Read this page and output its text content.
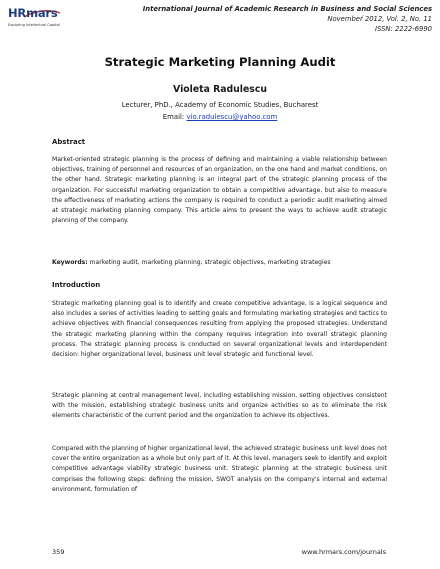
HRmars
Exploring Intellectual Capital
International Journal of Academic Research in Business and Social Sciences
Novembeŕ 2012, Vol. 2, No. 11
ISSN: 2222-6990
Strategic Marketing Planning Audit
Violeta Radulescu
Lecturer, PhD., Academy of Economic Studies, Bucharest
Email: vio.radulescu@yahoo.com
Abstract
Market-oriented strategic planning is the process of defining and maintaining a viable relationship between objectives, training of personnel and resources of an organization, on the one hand and market conditions, on the other hand. Strategic marketing planning is an integral part of the strategic planning process of the organization. For successful marketing organization to obtain a competitive advantage, but also to measure the effectiveness of marketing actions the company is required to conduct a periodic audit marketing aimed at strategic marketing planning company. This article aims to present the ways to achieve audit strategic planning of the company.
Keywords: marketing audit, marketing planning, strategic objectives, marketing strategies
Introduction
Strategic marketing planning goal is to identify and create competitive advantage, is a logical sequence and also includes a series of activities leading to setting goals and formulating marketing strategies and tactics to achieve objectives with financial consequences resulting from applying the proposed strategies. Understand the strategic marketing planning within the company requires integration into overall strategic planning process. The strategic planning process is conducted on several organizational levels and interdependent decision: higher organizational level, business unit level strategic and functional level.
Strategic planning at central management level, including establishing mission, setting objectives consistent with the mission, establishing strategic business units and organize activities so as to eliminate the risk elements characteristic of the current period and the organization to achieve its objectives.
Compared with the planning of higher organizational level, the achieved strategic business unit level does not cover the entire organization as a whole but only part of it. At this level, managers seek to identify and exploit competitive advantage viability strategic business unit. Strategic planning at the strategic business unit comprises the following steps: defining the mission, SWOT analysis on the company's internal and external environment, formulation of
359	www.hrmars.com/journals
